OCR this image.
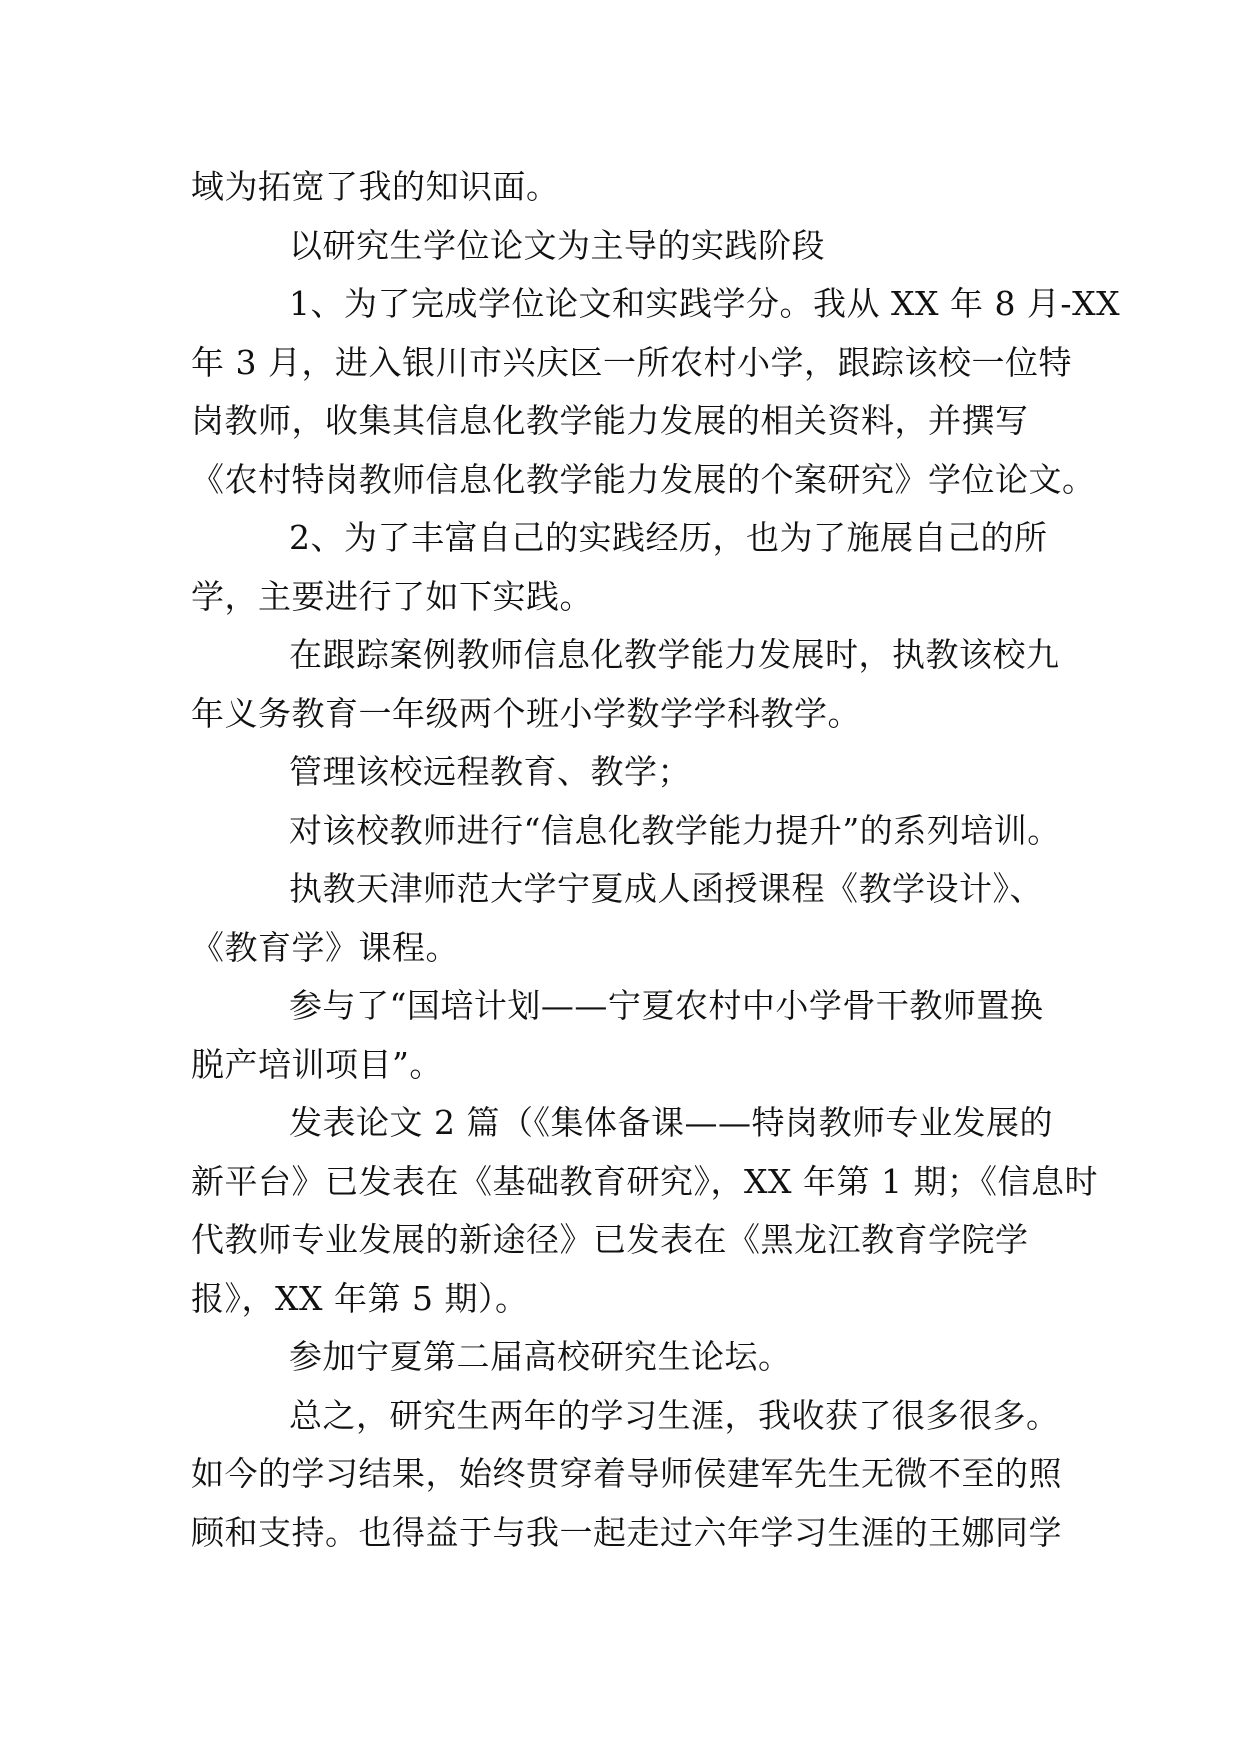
域为拓宽了我的知识面。
以研究生学位论文为主导的实践阶段
1、为了完成学位论文和实践学分。我从 XX 年 8 月-XX
年 3 月，进入银川市兴庆区一所农村小学，跟踪该校一位特
岗教师，收集其信息化教学能力发展的相关资料，并撰写
《农村特岗教师信息化教学能力发展的个案研究》学位论文。
2、为了丰富自己的实践经历，也为了施展自己的所
学，主要进行了如下实践。
在跟踪案例教师信息化教学能力发展时，执教该校九
年义务教育一年级两个班小学数学学科教学。
管理该校远程教育、教学；
对该校教师进行“信息化教学能力提升”的系列培训。
执教天津师范大学宁夏成人函授课程《教学设计》、
《教育学》课程。
参与了“国培计划——宁夏农村中小学骨干教师置换
脱产培训项目”。
发表论文 2 篇（《集体备课——特岗教师专业发展的
新平台》已发表在《基础教育研究》，XX 年第 1 期；《信息时
代教师专业发展的新途径》已发表在《黑龙江教育学院学
报》，XX 年第 5 期）。
参加宁夏第二届高校研究生论坛。
总之，研究生两年的学习生涯，我收获了很多很多。
如今的学习结果，始终贯穿着导师侯建军先生无微不至的照
顾和支持。也得益于与我一起走过六年学习生涯的王娜同学
